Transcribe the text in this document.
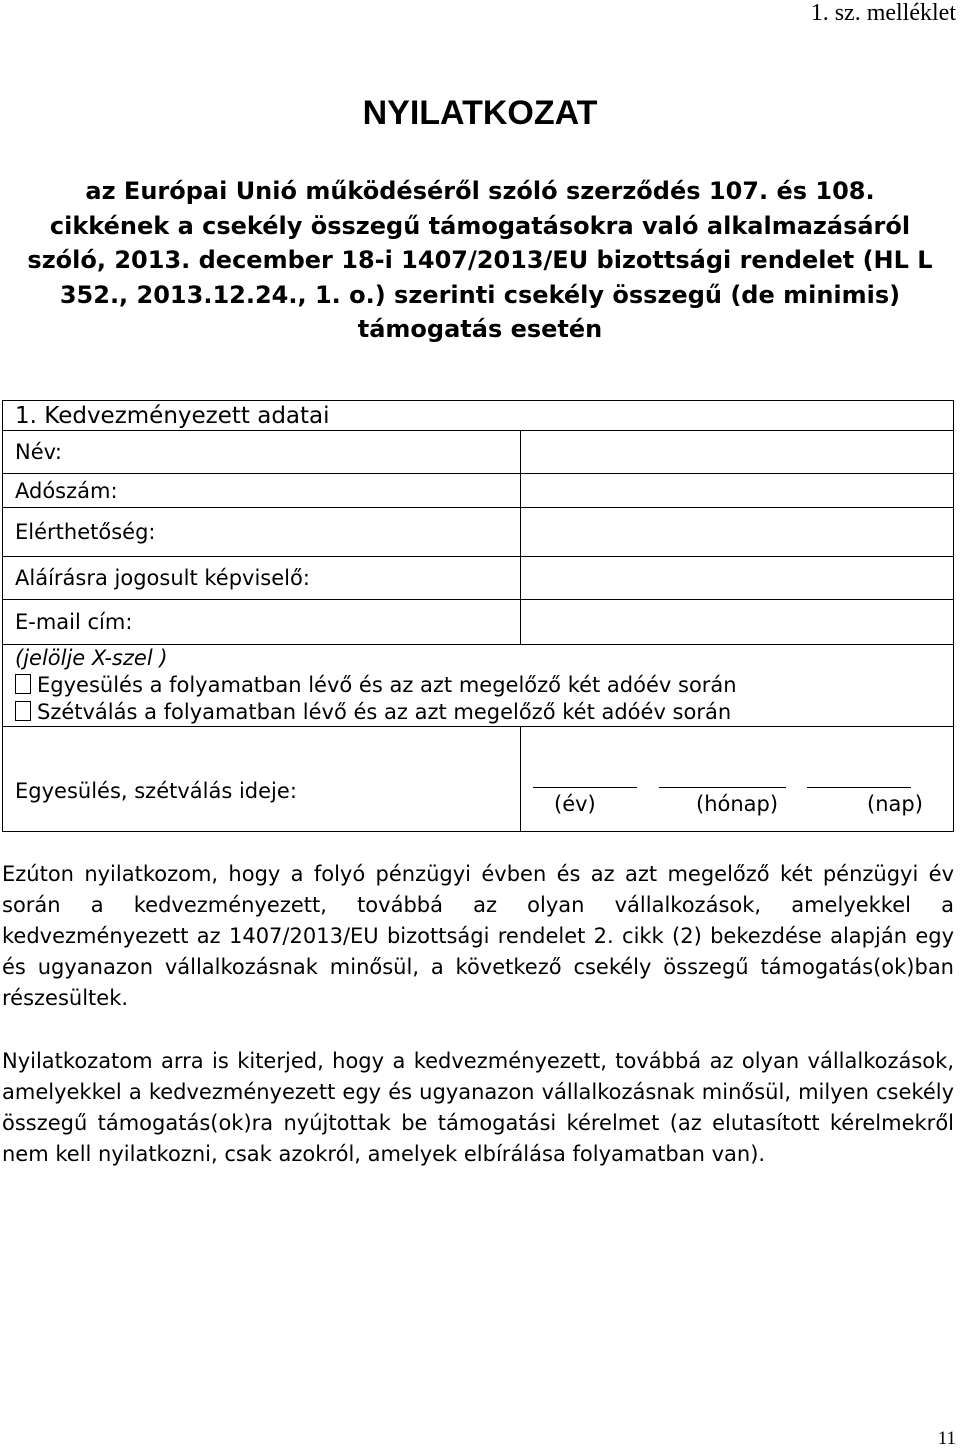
1. sz. melléklet
NYILATKOZAT
az Európai Unió működéséről szóló szerződés 107. és 108.
cikkének a csekély összegű támogatásokra való alkalmazásáról
szóló, 2013. december 18-i 1407/2013/EU bizottsági rendelet (HL L
352., 2013.12.24., 1. o.) szerinti csekély összegű (de minimis)
támogatás esetén
1. Kedvezményezett adatai	
Név:	
Adószám:	
Elérthetőség:	
Aláírásra jogosult képviselő:	
E-mail cím:	

(jelölje X-szel )
Egyesülés a folyamatban lévő és az azt megelőző két adóév során
Szétválás a folyamatban lévő és az azt megelőző két adóév során	

Egyesülés, szétválás ideje:	(év) (hónap) (nap)

Ezúton nyilatkozom, hogy a folyó pénzügyi évben és az azt megelőző két pénzügyi év során a kedvezményezett, továbbá az olyan vállalkozások, amelyekkel a kedvezményezett az 1407/2013/EU bizottsági rendelet 2. cikk (2) bekezdése alapján egy és ugyanazon vállalkozásnak minősül, a következő csekély összegű támogatás(ok)ban részesültek.

Nyilatkozatom arra is kiterjed, hogy a kedvezményezett, továbbá az olyan vállalkozások, amelyekkel a kedvezményezett egy és ugyanazon vállalkozásnak minősül, milyen csekély összegű támogatás(ok)ra nyújtottak be támogatási kérelmet (az elutasított kérelmekről nem kell nyilatkozni, csak azokról, amelyek elbírálása folyamatban van).

11
